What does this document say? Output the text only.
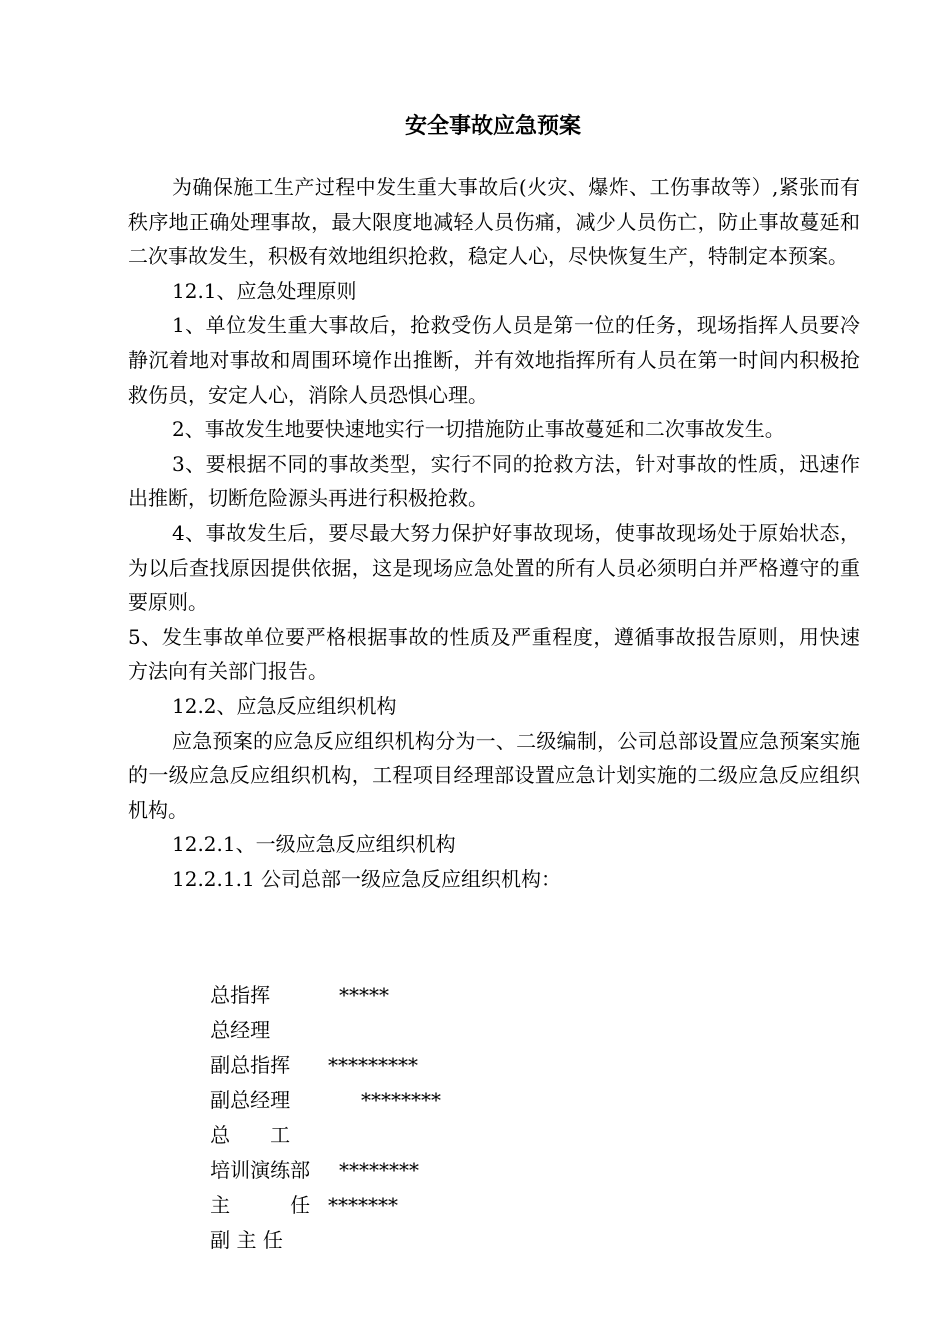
安全事故应急预案

为确保施工生产过程中发生重大事故后(火灾、爆炸、工伤事故等）,紧张而有秩序地正确处理事故，最大限度地减轻人员伤痛，减少人员伤亡，防止事故蔓延和二次事故发生，积极有效地组织抢救，稳定人心，尽快恢复生产，特制定本预案。

12.1、应急处理原则

1、单位发生重大事故后，抢救受伤人员是第一位的任务，现场指挥人员要冷静沉着地对事故和周围环境作出推断，并有效地指挥所有人员在第一时间内积极抢救伤员，安定人心，消除人员恐惧心理。

2、事故发生地要快速地实行一切措施防止事故蔓延和二次事故发生。

3、要根据不同的事故类型，实行不同的抢救方法，针对事故的性质，迅速作出推断，切断危险源头再进行积极抢救。

4、事故发生后，要尽最大努力保护好事故现场，使事故现场处于原始状态，为以后查找原因提供依据，这是现场应急处置的所有人员必须明白并严格遵守的重要原则。

5、发生事故单位要严格根据事故的性质及严重程度，遵循事故报告原则，用快速方法向有关部门报告。

12.2、应急反应组织机构

应急预案的应急反应组织机构分为一、二级编制，公司总部设置应急预案实施的一级应急反应组织机构，工程项目经理部设置应急计划实施的二级应急反应组织机构。

12.2.1、一级应急反应组织机构

12.2.1.1 公司总部一级应急反应组织机构：

总指挥

总经理

*****

副总指挥

副总经理

*********

总　　工

********

培训演练部

主　　　任

********

副 主 任

*******
